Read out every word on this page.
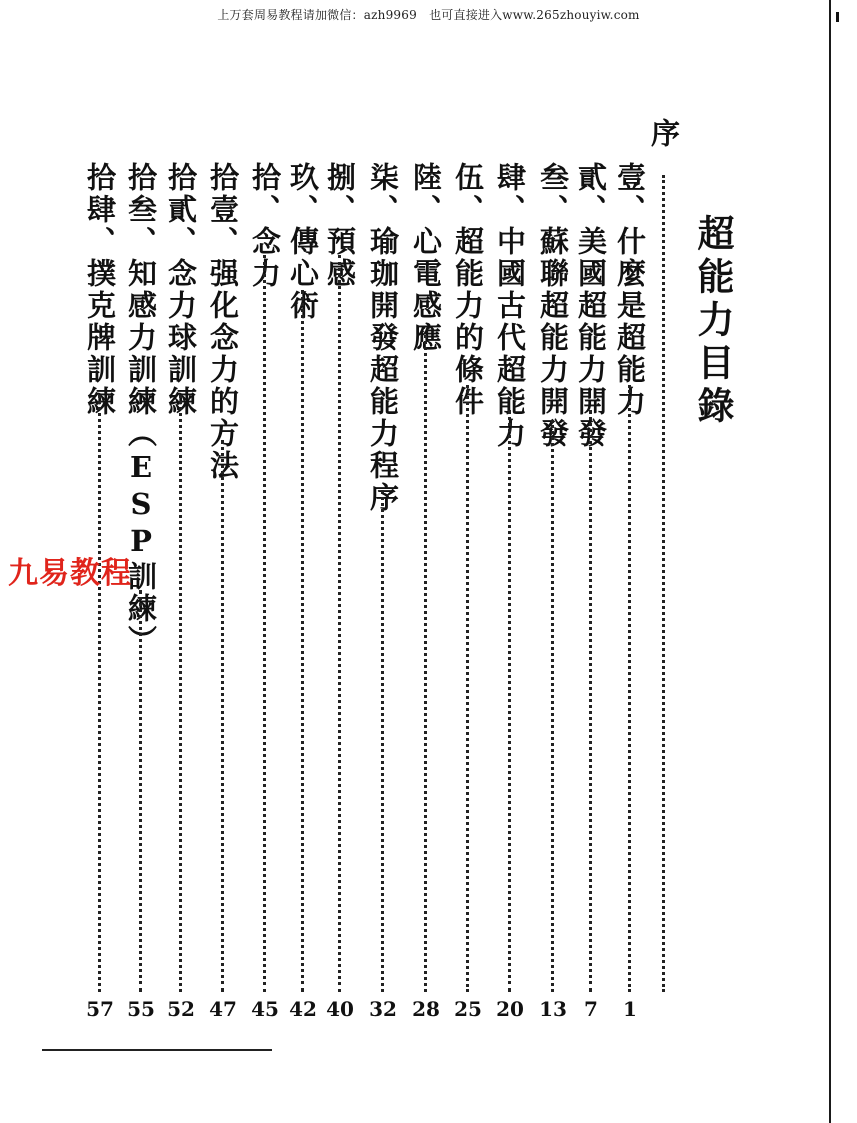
上万套周易教程请加微信：azh9969　也可直接进入www.265zhouyiw.com
超能力目錄
序
壹、什麼是超能力
1
貳、美國超能力開發
7
叁、蘇聯超能力開發
13
肆、中國古代超能力
20
伍、超能力的條件
25
陸、心電感應
28
柒、瑜珈開發超能力程序
32
捌、預感
40
玖、傳心術
42
拾、念力
45
拾壹、强化念力的方法
47
拾貳、念力球訓練
52
拾叁、知感力訓練（ESP訓練）
55
拾肆、撲克牌訓練
57
九易教程
